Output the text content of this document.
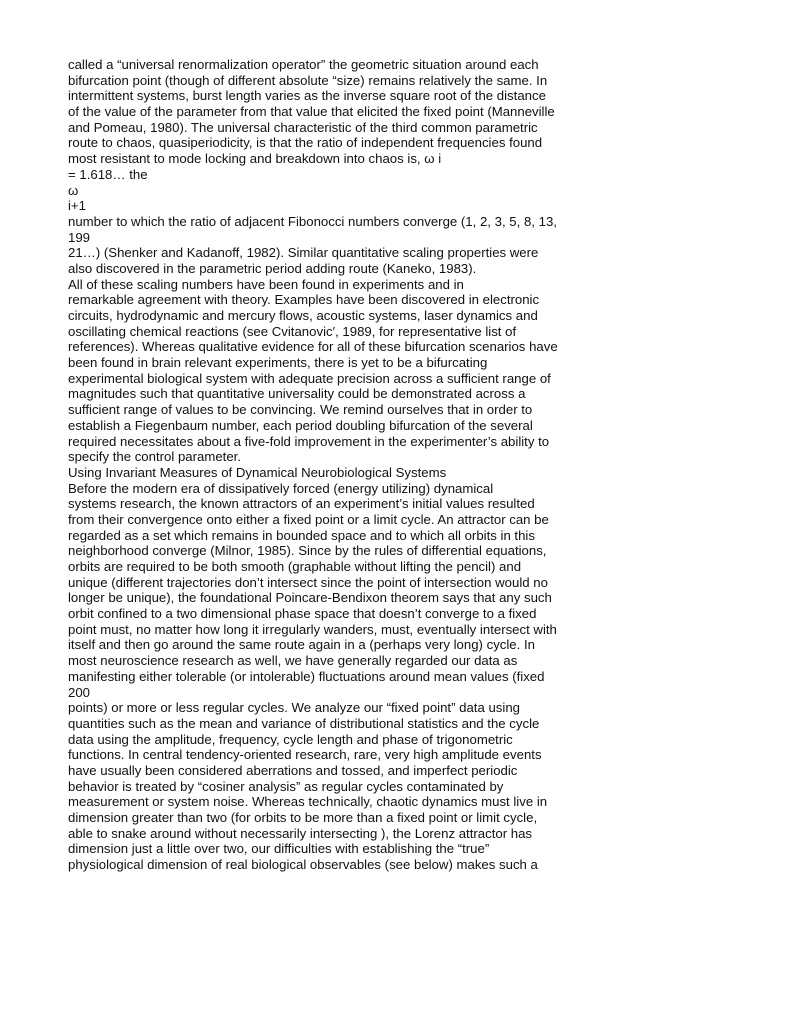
called a “universal renormalization operator” the geometric situation around each
bifurcation point (though of different absolute “size) remains relatively the same. In
intermittent systems, burst length varies as the inverse square root of the distance
of the value of the parameter from that value that elicited the fixed point (Manneville
and Pomeau, 1980). The universal characteristic of the third common parametric
route to chaos, quasiperiodicity, is that the ratio of independent frequencies found
most resistant to mode locking and breakdown into chaos is, ω i
= 1.618… the
ω
i+1
number to which the ratio of adjacent Fibonocci numbers converge (1, 2, 3, 5, 8, 13,
199
21…) (Shenker and Kadanoff, 1982). Similar quantitative scaling properties were
also discovered in the parametric period adding route (Kaneko, 1983).
All of these scaling numbers have been found in experiments and in
remarkable agreement with theory. Examples have been discovered in electronic
circuits, hydrodynamic and mercury flows, acoustic systems, laser dynamics and
oscillating chemical reactions (see Cvitanovic′, 1989, for representative list of
references). Whereas qualitative evidence for all of these bifurcation scenarios have
been found in brain relevant experiments, there is yet to be a bifurcating
experimental biological system with adequate precision across a sufficient range of
magnitudes such that quantitative universality could be demonstrated across a
sufficient range of values to be convincing. We remind ourselves that in order to
establish a Fiegenbaum number, each period doubling bifurcation of the several
required necessitates about a five-fold improvement in the experimenter’s ability to
specify the control parameter.
Using Invariant Measures of Dynamical Neurobiological Systems
Before the modern era of dissipatively forced (energy utilizing) dynamical
systems research, the known attractors of an experiment’s initial values resulted
from their convergence onto either a fixed point or a limit cycle. An attractor can be
regarded as a set which remains in bounded space and to which all orbits in this
neighborhood converge (Milnor, 1985). Since by the rules of differential equations,
orbits are required to be both smooth (graphable without lifting the pencil) and
unique (different trajectories don’t intersect since the point of intersection would no
longer be unique), the foundational Poincare-Bendixon theorem says that any such
orbit confined to a two dimensional phase space that doesn’t converge to a fixed
point must, no matter how long it irregularly wanders, must, eventually intersect with
itself and then go around the same route again in a (perhaps very long) cycle. In
most neuroscience research as well, we have generally regarded our data as
manifesting either tolerable (or intolerable) fluctuations around mean values (fixed
200
points) or more or less regular cycles. We analyze our “fixed point” data using
quantities such as the mean and variance of distributional statistics and the cycle
data using the amplitude, frequency, cycle length and phase of trigonometric
functions. In central tendency-oriented research, rare, very high amplitude events
have usually been considered aberrations and tossed, and imperfect periodic
behavior is treated by “cosiner analysis” as regular cycles contaminated by
measurement or system noise. Whereas technically, chaotic dynamics must live in
dimension greater than two (for orbits to be more than a fixed point or limit cycle,
able to snake around without necessarily intersecting ), the Lorenz attractor has
dimension just a little over two, our difficulties with establishing the “true”
physiological dimension of real biological observables (see below) makes such a
